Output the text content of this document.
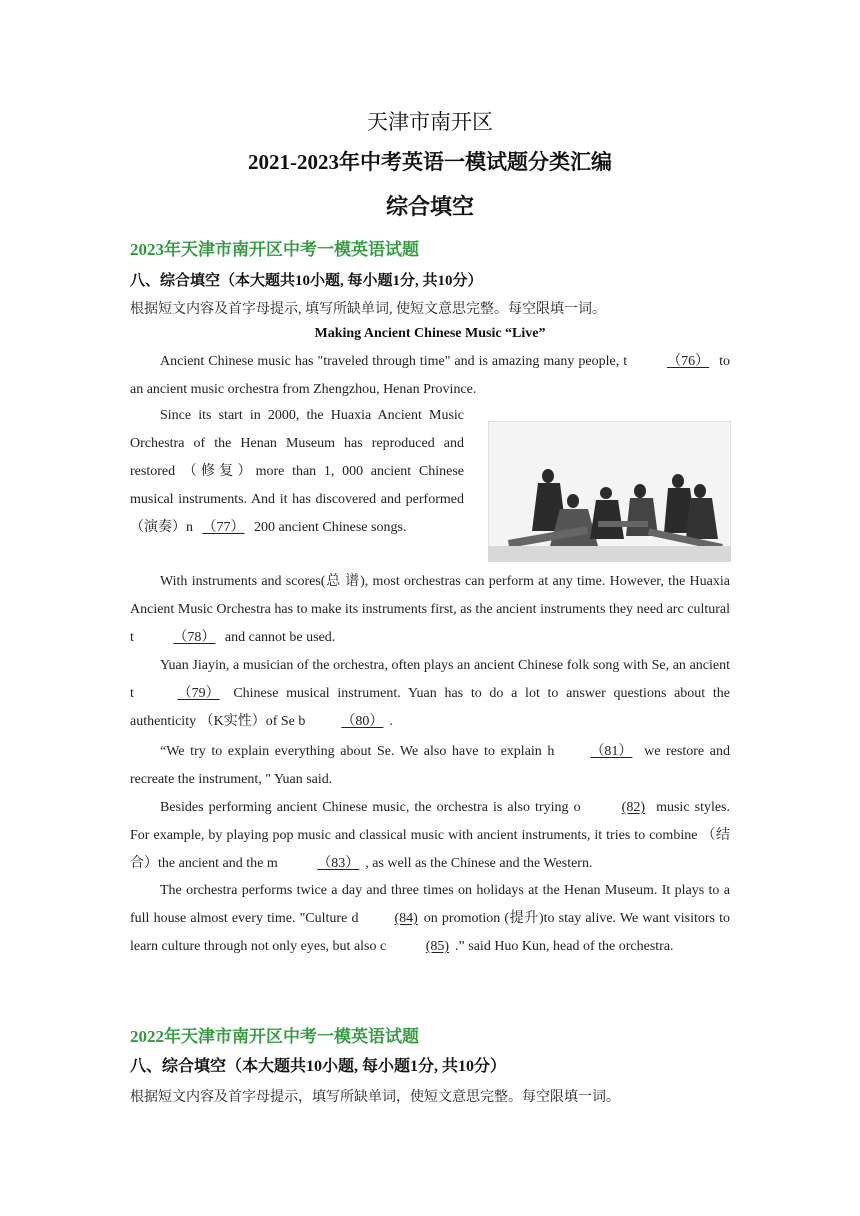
天津市南开区
2021-2023年中考英语一模试题分类汇编
综合填空
2023年天津市南开区中考一模英语试题
八、综合填空（本大题共10小题, 每小题1分, 共10分）
根据短文内容及首字母提示, 填写所缺单词, 使短文意思完整。每空限填一词。
Making Ancient Chinese Music “Live”

Ancient Chinese music has "traveled through time" and is amazing many people, t	（76） to an ancient music orchestra from Zhengzhou, Henan Province.

Since its start in 2000, the Huaxia Ancient Music Orchestra of the Henan Museum has reproduced and restored （修复）more than 1, 000 ancient Chinese musical instruments. And it has discovered and performed （演奏）n （77） 200 ancient Chinese songs.

With instruments and scores(总 谱), most orchestras can perform at any time. However, the Huaxia Ancient Music Orchestra has to make its instruments first, as the ancient instruments they need arc cultural t	（78） and cannot be used.

Yuan Jiayin, a musician of the orchestra, often plays an ancient Chinese folk song with Se, an ancient t	（79） Chinese musical instrument. Yuan has to do a lot to answer questions about the authenticity （K实性）of Se b	（80） .

“We try to explain everything about Se. We also have to explain h	（81） we restore and recreate the instrument, " Yuan said.

Besides performing ancient Chinese music, the orchestra is also trying o	(82) music styles. For example, by playing pop music and classical music with ancient instruments, it tries to combine （结合）the ancient and the m	（83） , as well as the Chinese and the Western.

The orchestra performs twice a day and three times on holidays at the Henan Museum. It plays to a full house almost every time. "Culture d	(84) on promotion (提升)to stay alive. We want visitors to learn culture through not only eyes, but also c	(85) .” said Huo Kun, head of the orchestra.

2022年天津市南开区中考一模英语试题
八、综合填空（本大题共10小题, 每小题1分, 共10分）
根据短文内容及首字母提示，填写所缺单词，使短文意思完整。每空限填一词。
